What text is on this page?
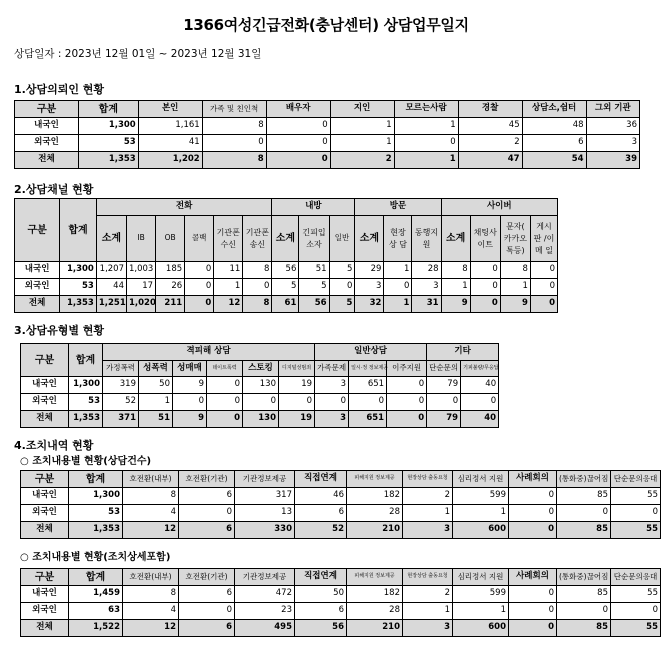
1366여성긴급전화(충남센터) 상담업무일지
상담일자 : 2023년 12월 01일 ~ 2023년 12월 31일
1.상담의뢰인 현황
구분	합계	본인	가족 및 친인척	배우자	지인	모르는사람	경찰	상담소,쉼터	그외 기관
내국인	1,300	1,161	8	0	1	1	45	48	36
외국인	53	41	0	0	1	0	2	6	3
전체	1,353	1,202	8	0	2	1	47	54	39
2.상담채널 현황
구분	합계	전화						내방			방문			사이버			
		소계	IB	OB	콜백	기관폰 수신	기관폰 송신	소계	긴피입 소자	일반	소계	현장상 담	동행지 원	소계	채팅사 이트	문자( 카카오 톡등)	게시판 /이메 일
내국인	1,300	1,207	1,003	185	0	11	8	56	51	5	29	1	28	8	0	8	0
외국인	53	44	17	26	0	1	0	5	5	0	3	0	3	1	0	1	0
전체	1,353	1,251	1,020	211	0	12	8	61	56	5	32	1	31	9	0	9	0
3.상담유형별 현황
구분	합계	젹피해 상담						일반상담			기타	
		가정폭력	성폭력	성매매	데이트폭력	스토킹	디지털성범죄	가족문제	일시·정 정보제공	이주지원	단순문의	기피불량/무응답
내국인	1,300	319	50	9	0	130	19	3	651	0	79	40
외국인	53	52	1	0	0	0	0	0	0	0	0	0
전체	1,353	371	51	9	0	130	19	3	651	0	79	40
4.조치내역 현황
○ 조치내용별 현황(상담건수)
구분	합계	호전환(내부)	호전환(기관)	기관정보제공	직접연계	피해지원 정보제공	현장상담 출동요청	심리정서 지원	사례회의	(통화중)끊어짐	단순문의응대
내국인	1,300	8	6	317	46	182	2	599	0	85	55
외국인	53	4	0	13	6	28	1	1	0	0	0
전체	1,353	12	6	330	52	210	3	600	0	85	55
○ 조치내용별 현황(조치상세포함)
구분	합계	호전환(내부)	호전환(기관)	기관정보제공	직접연계	피해지원 정보제공	현장상담 출동요청	심리정서 지원	사례회의	(통화중)끊어짐	단순문의응대
내국인	1,459	8	6	472	50	182	2	599	0	85	55
외국인	63	4	0	23	6	28	1	1	0	0	0
전체	1,522	12	6	495	56	210	3	600	0	85	55
